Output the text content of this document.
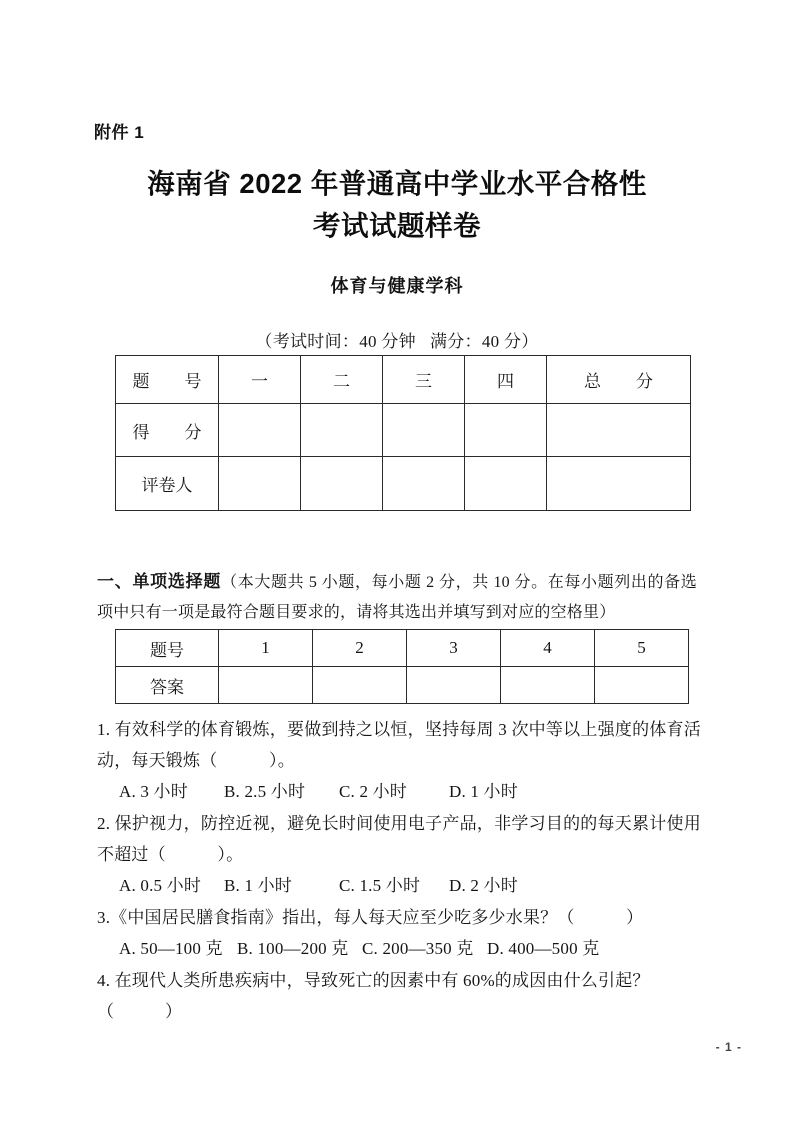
附件 1
海南省 2022 年普通高中学业水平合格性
考试试题样卷
体育与健康学科
（考试时间：40 分钟 满分：40 分）
题　号	一	二	三	四	总　分
得　分					
评卷人					
一、单项选择题（本大题共 5 小题，每小题 2 分，共 10 分。在每小题列出的备选项中只有一项是最符合题目要求的，请将其选出并填写到对应的空格里）
题号	1	2	3	4	5
答案					
1. 有效科学的体育锻炼，要做到持之以恒，坚持每周 3 次中等以上强度的体育活动，每天锻炼（　　　）。
A. 3 小时 B. 2.5 小时 C. 2 小时 D. 1 小时
2. 保护视力，防控近视，避免长时间使用电子产品，非学习目的的每天累计使用不超过（　　　）。
A. 0.5 小时 B. 1 小时	C. 1.5 小时 D. 2 小时
3.《中国居民膳食指南》指出，每人每天应至少吃多少水果？（　　　）
A. 50—100 克 B. 100—200 克 C. 200—350 克 D. 400—500 克
4. 在现代人类所患疾病中，导致死亡的因素中有 60%的成因由什么引起？
（　　　）
- 1 -
